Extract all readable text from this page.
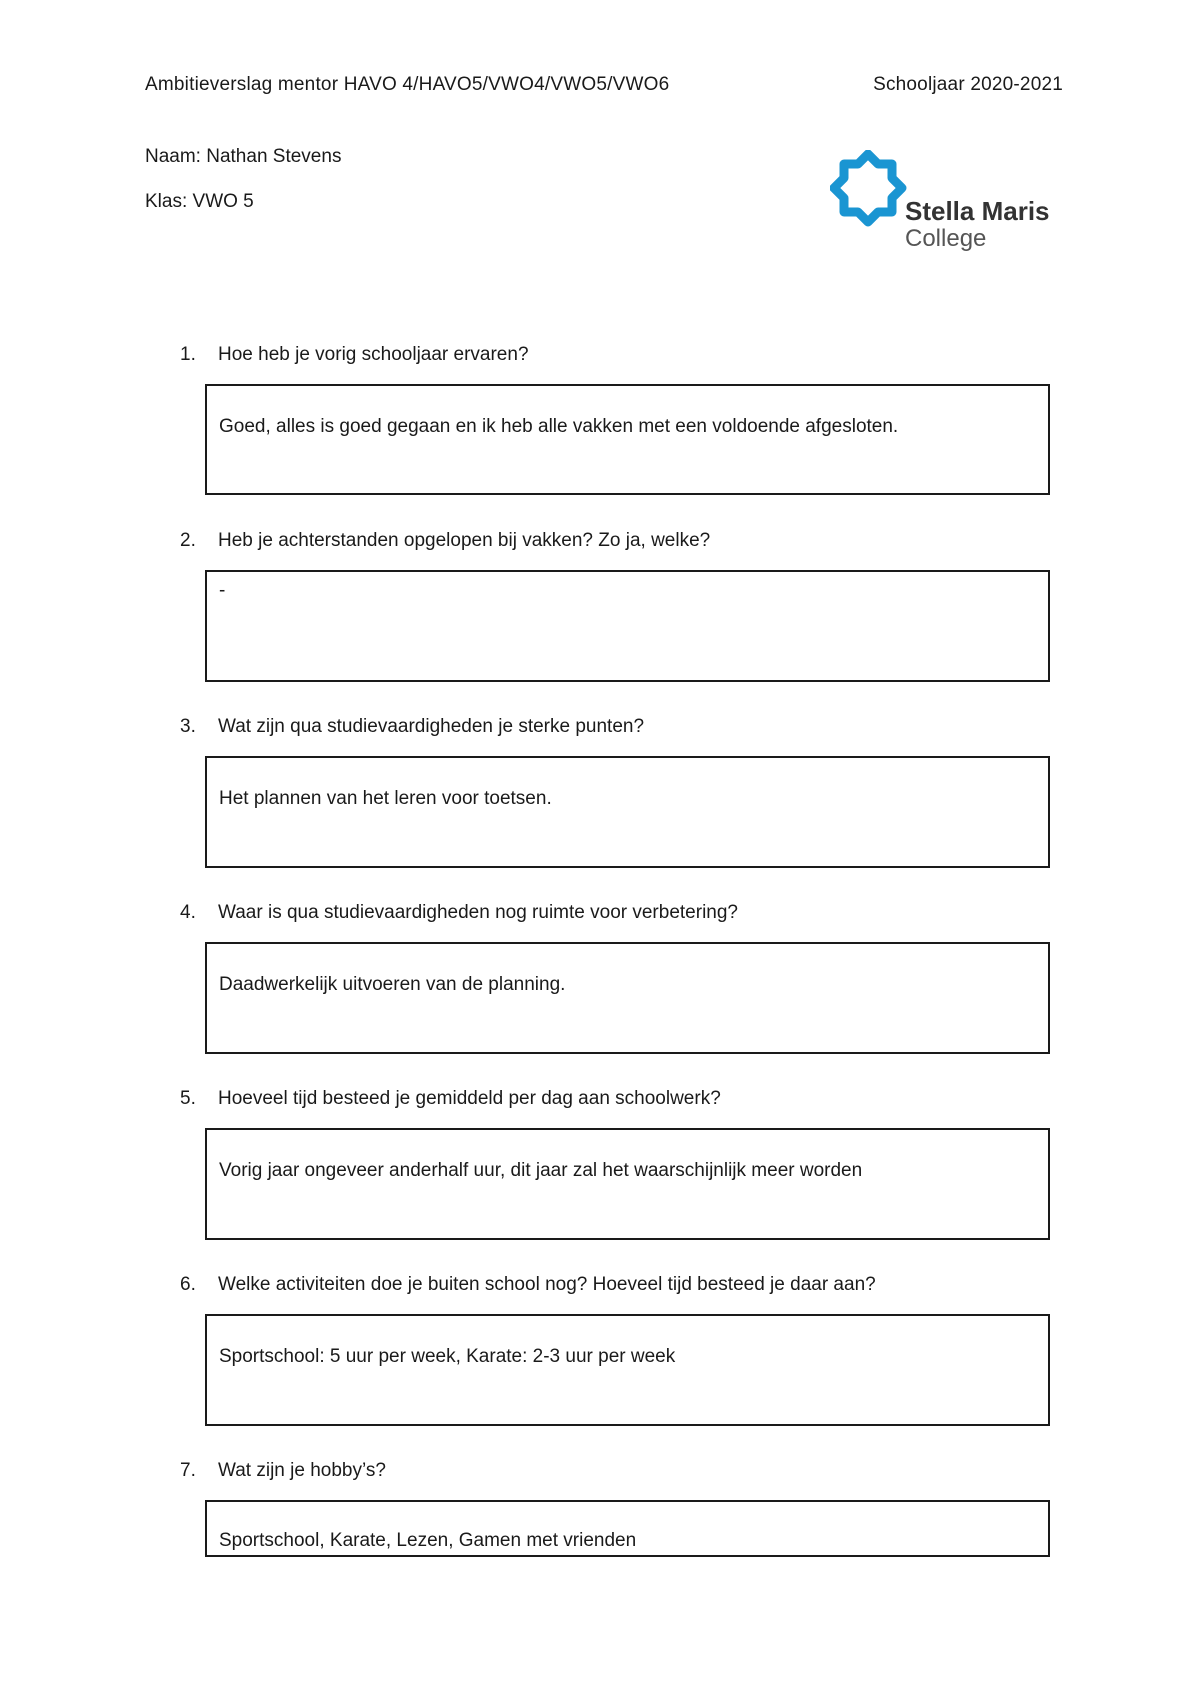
Ambitieverslag mentor HAVO 4/HAVO5/VWO4/VWO5/VWO6	Schooljaar 2020-2021
Naam: Nathan Stevens
Klas: VWO 5	Stella Maris
College
1. Hoe heb je vorig schooljaar ervaren?
Goed, alles is goed gegaan en ik heb alle vakken met een voldoende afgesloten.
2. Heb je achterstanden opgelopen bij vakken? Zo ja, welke?
-
3. Wat zijn qua studievaardigheden je sterke punten?
Het plannen van het leren voor toetsen.
4. Waar is qua studievaardigheden nog ruimte voor verbetering?
Daadwerkelijk uitvoeren van de planning.
5. Hoeveel tijd besteed je gemiddeld per dag aan schoolwerk?
Vorig jaar ongeveer anderhalf uur, dit jaar zal het waarschijnlijk meer worden
6. Welke activiteiten doe je buiten school nog? Hoeveel tijd besteed je daar aan?
Sportschool: 5 uur per week, Karate: 2-3 uur per week
7. Wat zijn je hobby’s?
Sportschool, Karate, Lezen, Gamen met vrienden
